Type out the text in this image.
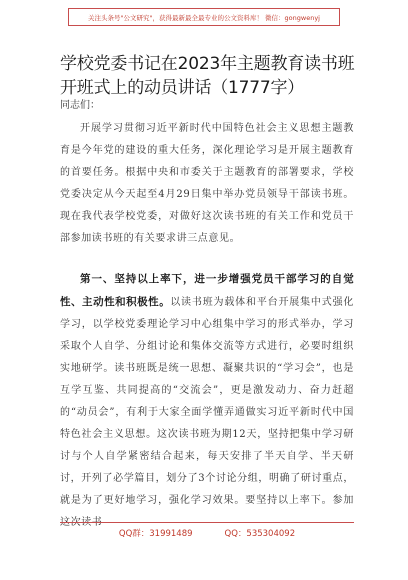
关注头条号"公文研究"，获得最新最全最专业的公文资料库！ 微信：gongwenyj
学校党委书记在2023年主题教育读书班开班式上的动员讲话（1777字）
同志们：

开展学习贯彻习近平新时代中国特色社会主义思想主题教育是今年党的建设的重大任务，深化理论学习是开展主题教育的首要任务。根据中央和市委关于主题教育的部署要求，学校党委决定从今天起至4月29日集中举办党员领导干部读书班。现在我代表学校党委，对做好这次读书班的有关工作和党员干部参加读书班的有关要求讲三点意见。

第一、坚持以上率下，进一步增强党员干部学习的自觉性、主动性和积极性。以读书班为载体和平台开展集中式强化学习，以学校党委理论学习中心组集中学习的形式举办，学习采取个人自学、分组讨论和集体交流等方式进行，必要时组织实地研学。读书班既是统一思想、凝聚共识的“学习会”，也是互学互鉴、共同提高的“交流会”，更是激发动力、奋力赶超的“动员会”，有利于大家全面学懂弄通做实习近平新时代中国特色社会主义思想。这次读书班为期12天，坚持把集中学习研讨与个人自学紧密结合起来，每天安排了半天自学、半天研讨，开列了必学篇目，划分了3个讨论分组，明确了研讨重点，就是为了更好地学习，强化学习效果。要坚持以上率下。参加这次读书

QQ群：31991489	QQ：535304092
